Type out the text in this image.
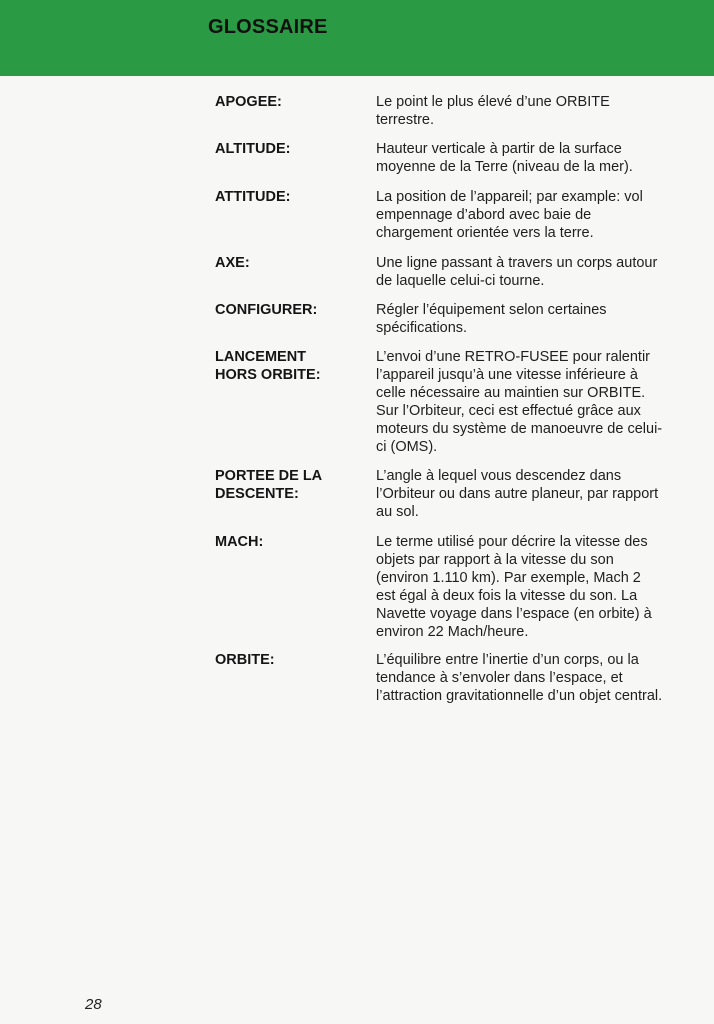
GLOSSAIRE
APOGEE:	Le point le plus élevé d’une ORBITE
terrestre.
ALTITUDE:	Hauteur verticale à partir de la surface
moyenne de la Terre (niveau de la mer).
ATTITUDE:	La position de l’appareil; par example: vol
empennage d’abord avec baie de
chargement orientée vers la terre.
AXE:	Une ligne passant à travers un corps autour
de laquelle celui-ci tourne.
CONFIGURER:	Régler l’équipement selon certaines
spécifications.
LANCEMENT
HORS ORBITE:
L’envoi d’une RETRO-FUSEE pour ralentir
l’appareil jusqu’à une vitesse inférieure à
celle nécessaire au maintien sur ORBITE.
Sur l’Orbiteur, ceci est effectué grâce aux
moteurs du système de manoeuvre de celui-
ci (OMS).
PORTEE DE LA
DESCENTE:
L’angle à lequel vous descendez dans
l’Orbiteur ou dans autre planeur, par rapport
au sol.
MACH:	Le terme utilisé pour décrire la vitesse des
objets par rapport à la vitesse du son
(environ 1.110 km). Par exemple, Mach 2
est égal à deux fois la vitesse du son. La
Navette voyage dans l’espace (en orbite) à
environ 22 Mach/heure.
ORBITE:	L’équilibre entre l’inertie d’un corps, ou la
tendance à s’envoler dans l’espace, et
l’attraction gravitationnelle d’un objet central.
28
